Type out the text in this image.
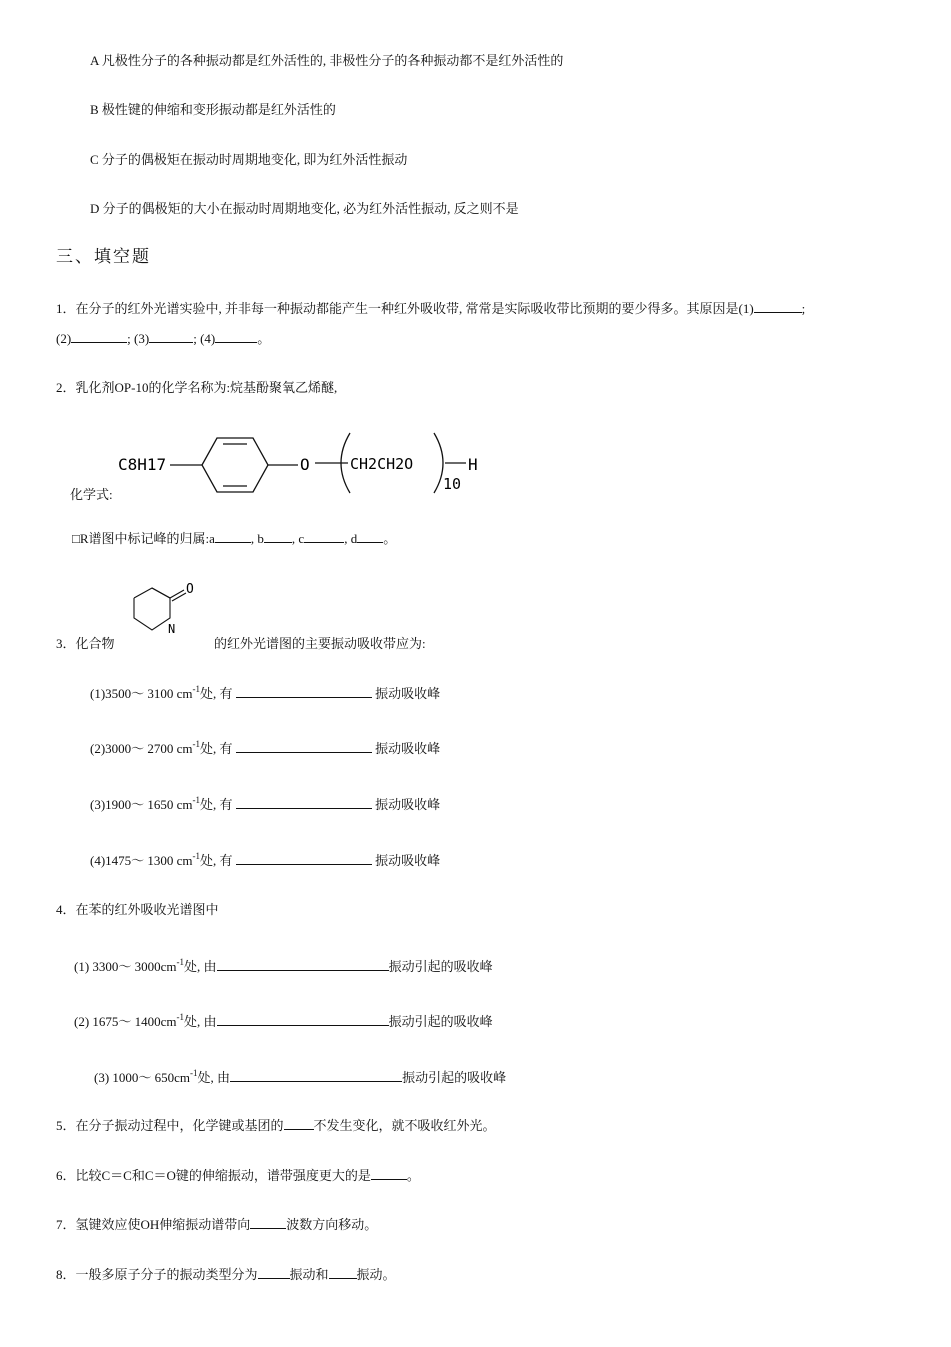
A 凡极性分子的各种振动都是红外活性的, 非极性分子的各种振动都不是红外活性的
B 极性键的伸缩和变形振动都是红外活性的
C 分子的偶极矩在振动时周期地变化, 即为红外活性振动
D 分子的偶极矩的大小在振动时周期地变化, 必为红外活性振动, 反之则不是
三、填空题
1．在分子的红外光谱实验中, 并非每一种振动都能产生一种红外吸收带, 常常是实际吸收带比预期的要少得多。其原因是(1)	;
(2)	; (3)	; (4)	。
2．乳化剂OP-10的化学名称为:烷基酚聚氧乙烯醚,
C8H17	O	CH2CH2O	H
10
化学式:
□R谱图中标记峰的归属:a	, b , c	, d 。
3．化合物
O
N
的红外光谱图的主要振动吸收带应为:
(1)3500～ 3100 $cm^{-1}$处, 有	振动吸收峰
(2)3000～ 2700 $cm^{-1}$处, 有	振动吸收峰
(3)1900～ 1650 $cm^{-1}$处, 有	振动吸收峰
(4)1475～ 1300 $cm^{-1}$处, 有	振动吸收峰
4．在苯的红外吸收光谱图中
(1) 3300～ $3000cm^{-1}$处, 由	振动引起的吸收峰
(2) 1675～ $1400cm^{-1}$处, 由	振动引起的吸收峰
(3) 1000～ $650cm^{-1}$处, 由	振动引起的吸收峰
5．在分子振动过程中，化学键或基团的 不发生变化，就不吸收红外光。
6．比较C＝C和C＝O键的伸缩振动，谱带强度更大的是	。
7．氢键效应使OH伸缩振动谱带向	波数方向移动。
8．一般多原子分子的振动类型分为 振动和 振动。
